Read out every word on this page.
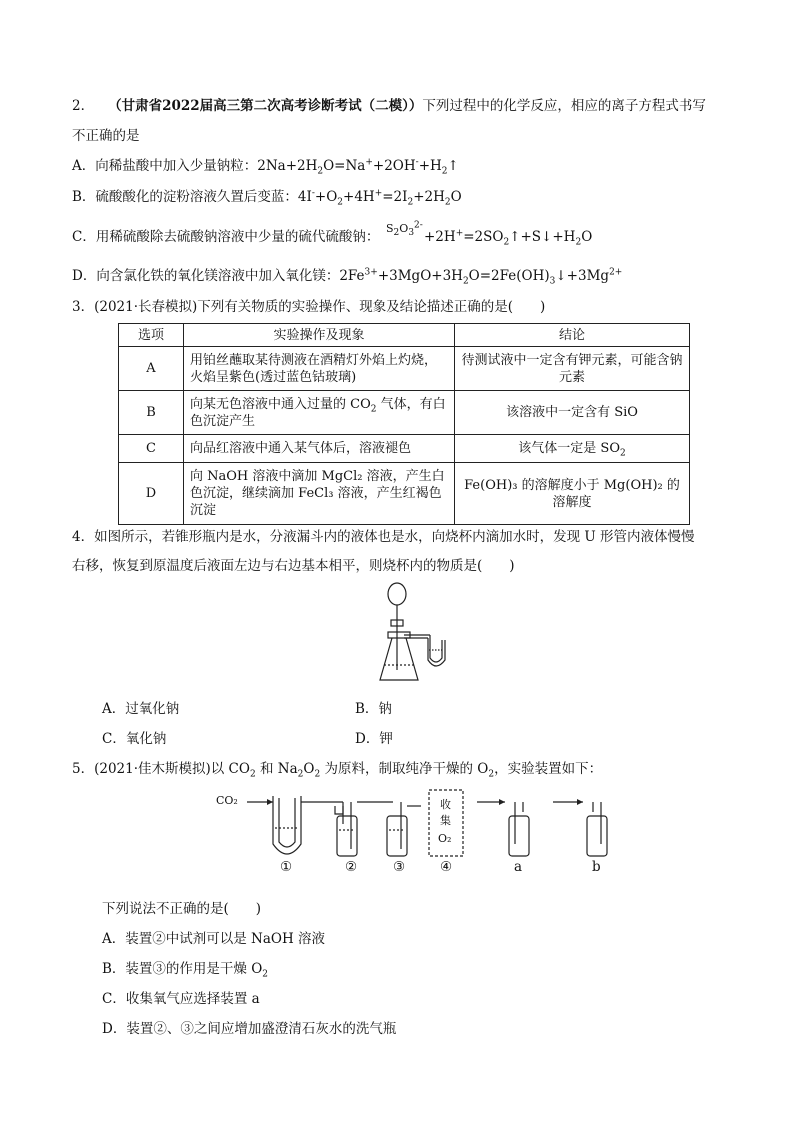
2． （甘肃省2022届高三第二次高考诊断考试（二模））下列过程中的化学反应，相应的离子方程式书写
不正确的是
A．向稀盐酸中加入少量钠粒：$2Na+2H_2O=Na^++2OH^-+H_2↑$
B．硫酸酸化的淀粉溶液久置后变蓝：$4I^-+O_2+4H^+=2I_2+2H_2O$
C．用稀硫酸除去硫酸钠溶液中少量的硫代硫酸钠：
$S_2O_3^{2-}$
$+2H^+=2SO_2↑+S↓+H_2O$
D．向含氯化铁的氧化镁溶液中加入氧化镁：$2Fe^{3+}+3MgO+3H_2O=2Fe(OH)_3↓+3Mg^{2+}$
3．(2021·长春模拟)下列有关物质的实验操作、现象及结论描述正确的是(　　)
选项	实验操作及现象	结论
A	用铂丝蘸取某待测液在酒精灯外焰上灼烧，火焰呈紫色(透过蓝色钴玻璃)	待测试液中一定含有钾元素，可能含钠元素
B	向某无色溶液中通入过量的 $CO_2$ 气体，有白色沉淀产生	该溶液中一定含有 SiO
C	向品红溶液中通入某气体后，溶液褪色	该气体一定是 $SO_2$
D	向 NaOH 溶液中滴加 MgCl₂ 溶液，产生白色沉淀，继续滴加 FeCl₃ 溶液，产生红褐色沉淀	Fe(OH)₃ 的溶解度小于 Mg(OH)₂ 的溶解度
4．如图所示，若锥形瓶内是水，分液漏斗内的液体也是水，向烧杯内滴加水时，发现 U 形管内液体慢慢
右移，恢复到原温度后液面左边与右边基本相平，则烧杯内的物质是(　　)
A．过氧化钠	B．钠
C．氧化钠	D．钾
5．(2021·佳木斯模拟)以 $CO_2$ 和 $Na_2O_2$ 为原料，制取纯净干燥的 $O_2$，实验装置如下：
CO₂	收
集
O₂
①	②	③	④	a	b
下列说法不正确的是(　　)
A．装置②中试剂可以是 NaOH 溶液
B．装置③的作用是干燥 $O_2$
C．收集氧气应选择装置 a
D．装置②、③之间应增加盛澄清石灰水的洗气瓶
